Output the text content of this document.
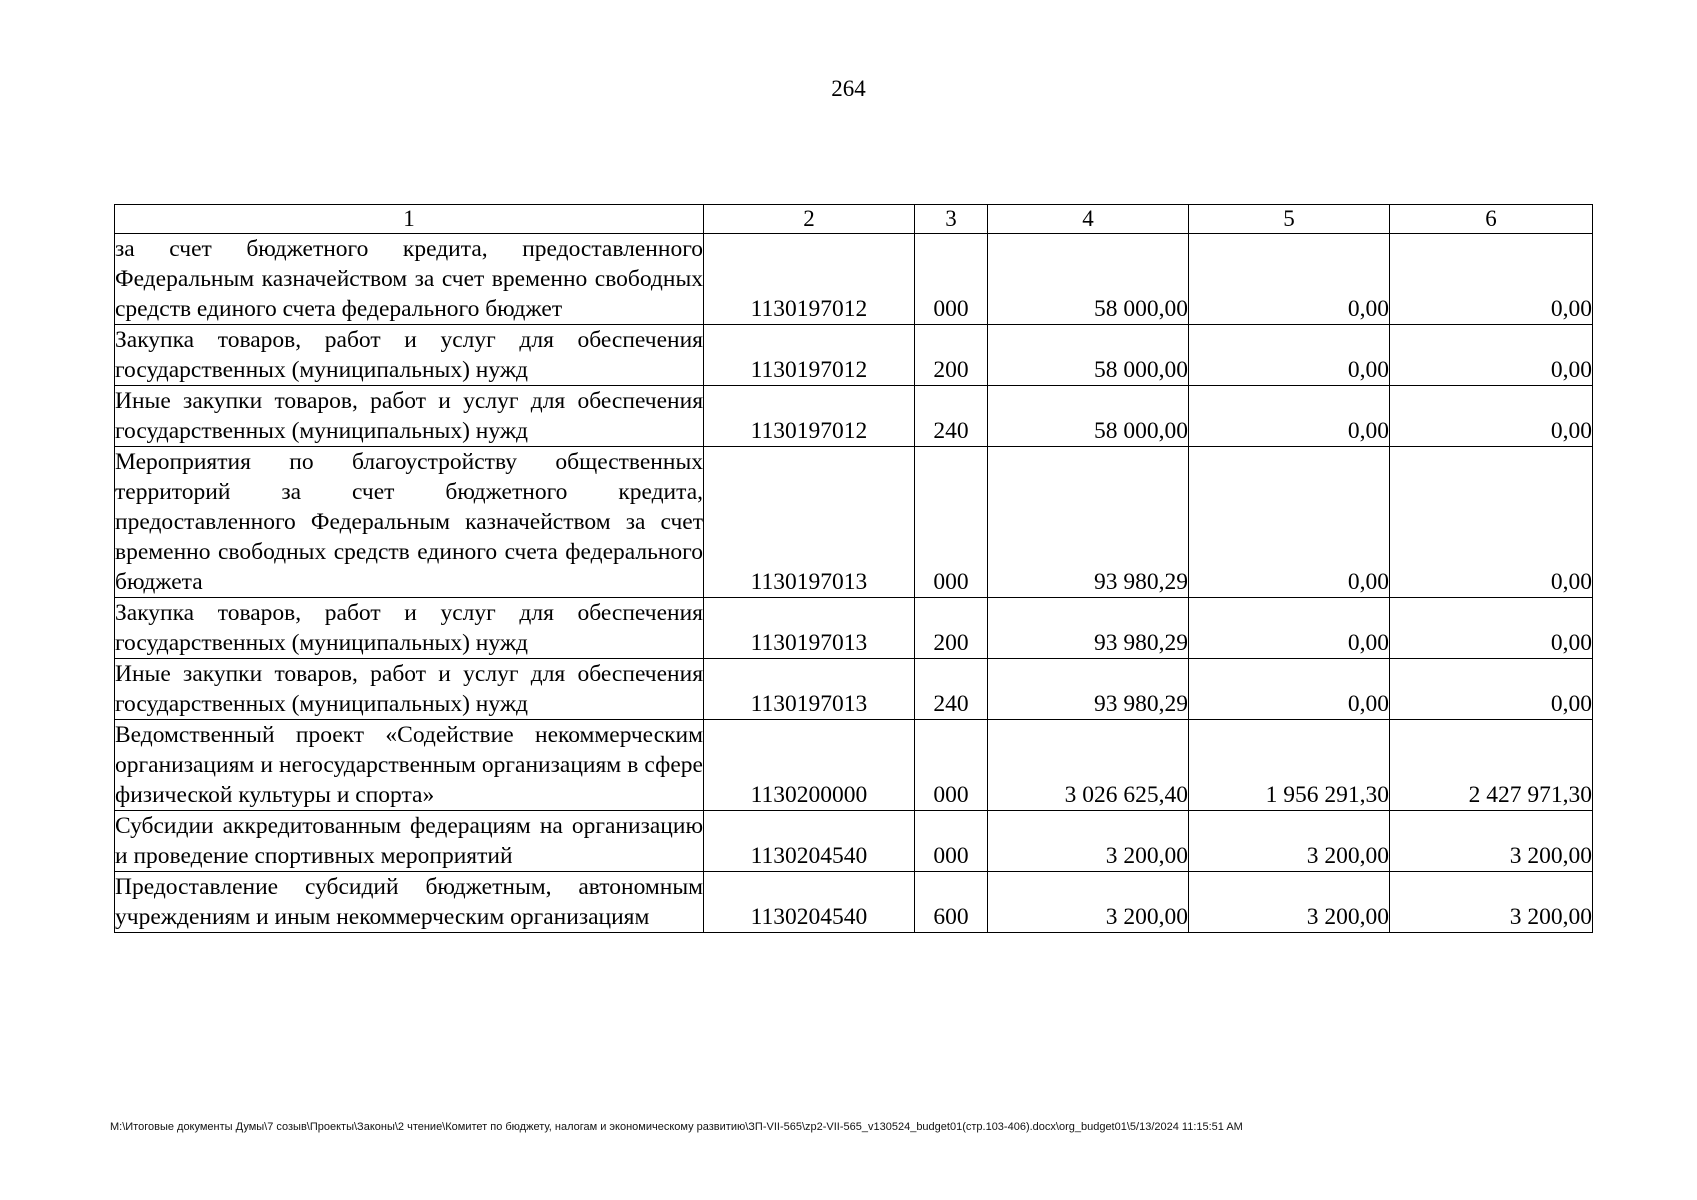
264
1	2	3	4	5	6

за счет бюджетного кредита, предоставленного Федеральным казначейством за счет временно свободных средств единого счета федерального бюджет	1130197012	000	58 000,00	0,00	0,00

Закупка товаров, работ и услуг для обеспечения государственных (муниципальных) нужд	1130197012	200	58 000,00	0,00	0,00

Иные закупки товаров, работ и услуг для обеспечения государственных (муниципальных) нужд	1130197012	240	58 000,00	0,00	0,00

Мероприятия по благоустройству общественных территорий за счет бюджетного кредита, предоставленного Федеральным казначейством за счет временно свободных средств единого счета федерального бюджета	1130197013	000	93 980,29	0,00	0,00

Закупка товаров, работ и услуг для обеспечения государственных (муниципальных) нужд	1130197013	200	93 980,29	0,00	0,00

Иные закупки товаров, работ и услуг для обеспечения государственных (муниципальных) нужд	1130197013	240	93 980,29	0,00	0,00

Ведомственный проект «Содействие некоммерческим организациям и негосударственным организациям в сфере физической культуры и спорта»	1130200000	000	3 026 625,40	1 956 291,30	2 427 971,30

Субсидии аккредитованным федерациям на организацию и проведение спортивных мероприятий	1130204540	000	3 200,00	3 200,00	3 200,00

Предоставление субсидий бюджетным, автономным учреждениям и иным некоммерческим организациям	1130204540	600	3 200,00	3 200,00	3 200,00
M:\Итоговые документы Думы\7 созыв\Проекты\Законы\2 чтение\Комитет по бюджету, налогам и экономическому развитию\ЗП-VII-565\zp2-VII-565_v130524_budget01(стр.103-406).docx\org_budget01\5/13/2024 11:15:51 AM
